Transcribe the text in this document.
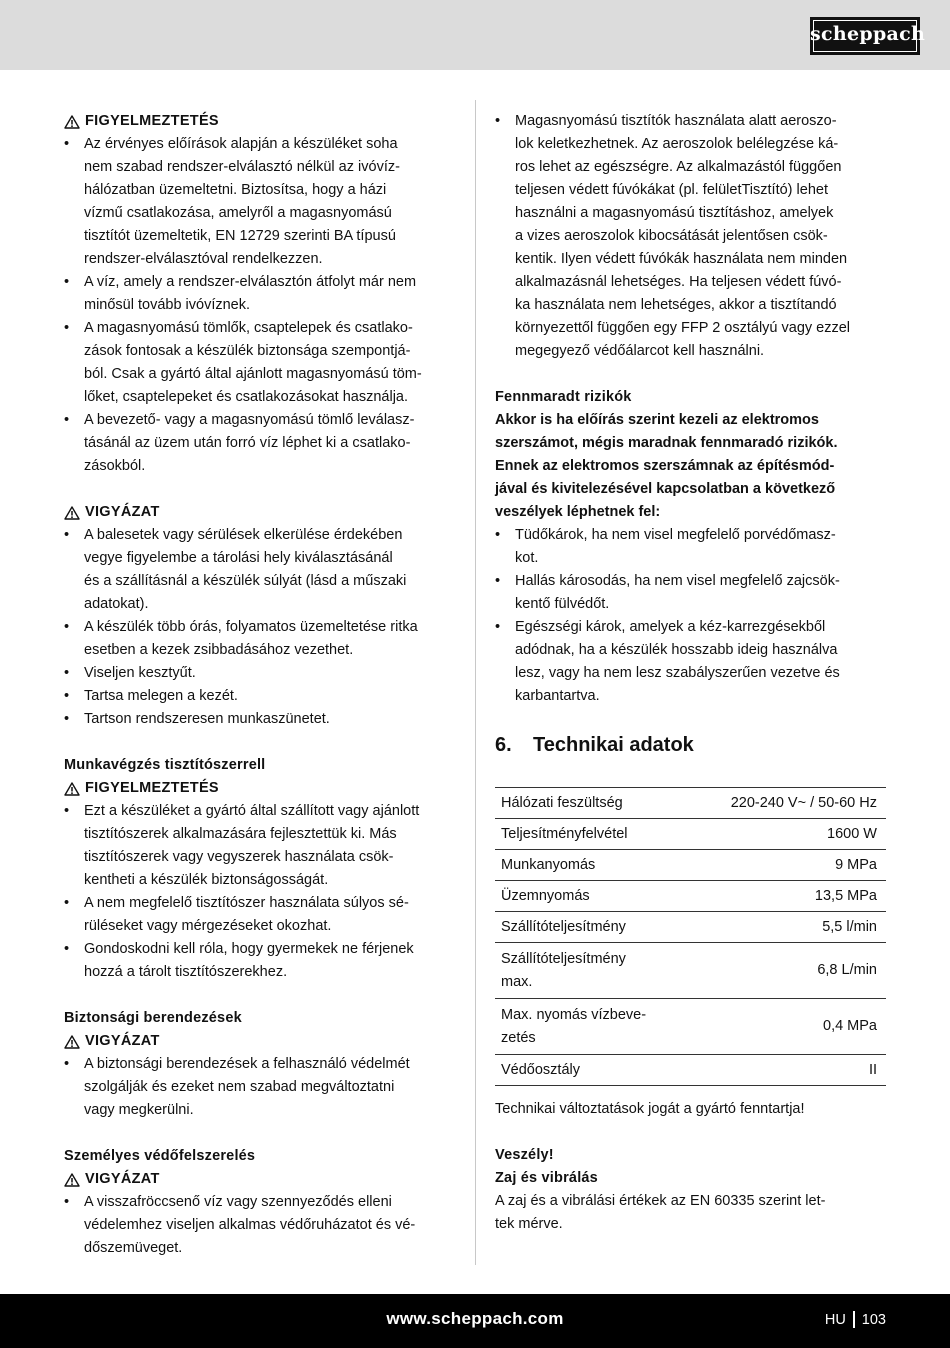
scheppach
FIGYELMEZTETÉS
• Az érvényes előírások alapján a készüléket soha
nem szabad rendszer-elválasztó nélkül az ivóvíz-
hálózatban üzemeltetni. Biztosítsa, hogy a házi
vízmű csatlakozása, amelyről a magasnyomású
tisztítót üzemeltetik, EN 12729 szerinti BA típusú
rendszer-elválasztóval rendelkezzen.
• A víz, amely a rendszer-elválasztón átfolyt már nem
minősül tovább ivóvíznek.
• A magasnyomású tömlők, csaptelepek és csatlako-
zások fontosak a készülék biztonsága szempontjá-
ból. Csak a gyártó által ajánlott magasnyomású töm-
lőket, csaptelepeket és csatlakozásokat használja.
• A bevezető- vagy a magasnyomású tömlő leválasz-
tásánál az üzem után forró víz léphet ki a csatlako-
zásokból.
VIGYÁZAT
• A balesetek vagy sérülések elkerülése érdekében
vegye figyelembe a tárolási hely kiválasztásánál
és a szállításnál a készülék súlyát (lásd a műszaki
adatokat).
• A készülék több órás, folyamatos üzemeltetése ritka
esetben a kezek zsibbadásához vezethet.
• Viseljen kesztyűt.
• Tartsa melegen a kezét.
• Tartson rendszeresen munkaszünetet.
Munkavégzés tisztítószerrell
FIGYELMEZTETÉS
• Ezt a készüléket a gyártó által szállított vagy ajánlott
tisztítószerek alkalmazására fejlesztettük ki. Más
tisztítószerek vagy vegyszerek használata csök-
kentheti a készülék biztonságosságát.
• A nem megfelelő tisztítószer használata súlyos sé-
rüléseket vagy mérgezéseket okozhat.
• Gondoskodni kell róla, hogy gyermekek ne férjenek
hozzá a tárolt tisztítószerekhez.
Biztonsági berendezések
VIGYÁZAT
• A biztonsági berendezések a felhasználó védelmét
szolgálják és ezeket nem szabad megváltoztatni
vagy megkerülni.
Személyes védőfelszerelés
VIGYÁZAT
• A visszafröccsenő víz vagy szennyeződés elleni
védelemhez viseljen alkalmas védőruházatot és vé-
dőszemüveget.
• Magasnyomású tisztítók használata alatt aeroszo-
lok keletkezhetnek. Az aeroszolok belélegzése ká-
ros lehet az egészségre. Az alkalmazástól függően
teljesen védett fúvókákat (pl. felületTisztító) lehet
használni a magasnyomású tisztításhoz, amelyek
a vizes aeroszolok kibocsátását jelentősen csök-
kentik. Ilyen védett fúvókák használata nem minden
alkalmazásnál lehetséges. Ha teljesen védett fúvó-
ka használata nem lehetséges, akkor a tisztítandó
környezettől függően egy FFP 2 osztályú vagy ezzel
megegyező védőálarcot kell használni.
Fennmaradt rizikók
Akkor is ha előírás szerint kezeli az elektromos
szerszámot, mégis maradnak fennmaradó rizikók.
Ennek az elektromos szerszámnak az építésmód-
jával és kivitelezésével kapcsolatban a következő
veszélyek léphetnek fel:
• Tüdőkárok, ha nem visel megfelelő porvédőmasz-
kot.
• Hallás károsodás, ha nem visel megfelelő zajcsök-
kentő fülvédőt.
• Egészségi károk, amelyek a kéz-karrezgésekből
adódnak, ha a készülék hosszabb ideig használva
lesz, vagy ha nem lesz szabályszerűen vezetve és
karbantartva.
6.	Technikai adatok
Hálózati feszültség	220-240 V~ / 50-60 Hz
Teljesítményfelvétel	1600 W
Munkanyomás	9 MPa
Üzemnyomás	13,5 MPa
Szállítóteljesítmény	5,5 l/min
Szállítóteljesítmény
max.	6,8 L/min
Max. nyomás vízbeve-
zetés	0,4 MPa
Védőosztály	II
Technikai változtatások jogát a gyártó fenntartja!
Veszély!
Zaj és vibrálás
A zaj és a vibrálási értékek az EN 60335 szerint let-
tek mérve.
www.scheppach.com	HU 103
